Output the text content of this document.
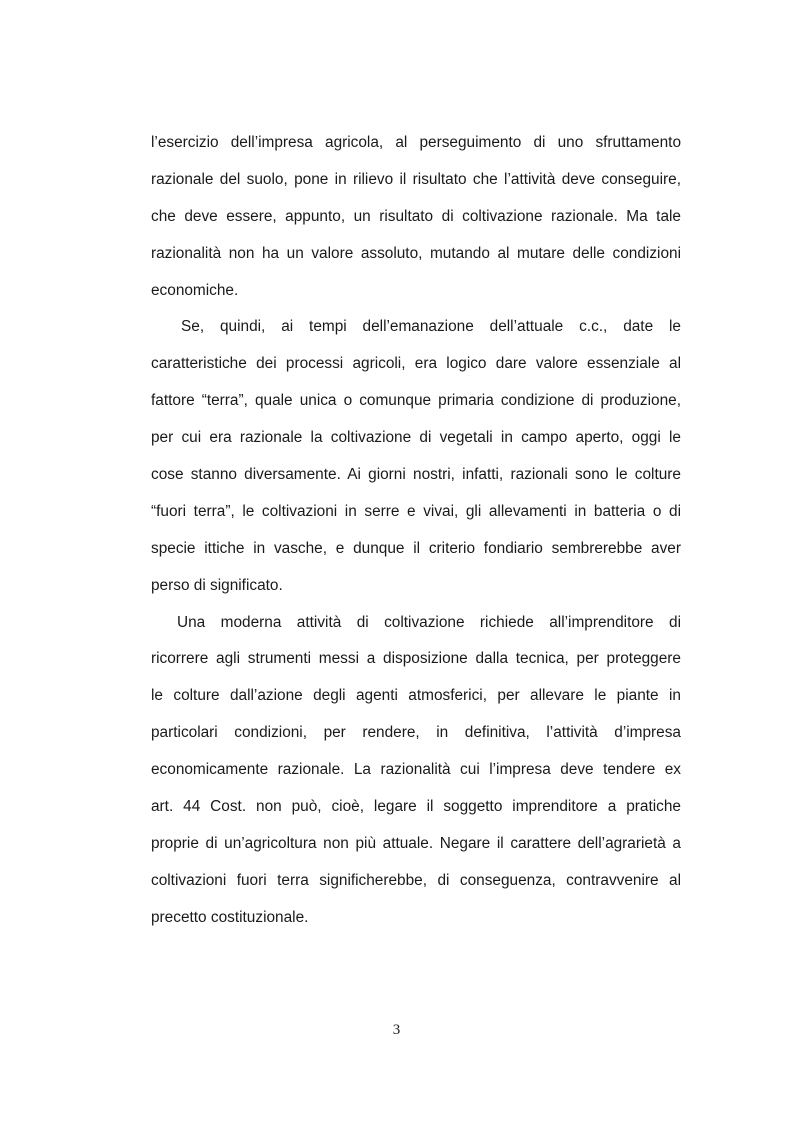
l’esercizio dell’impresa agricola, al perseguimento di uno sfruttamento
razionale del suolo, pone in rilievo il risultato che l’attività deve conseguire,
che deve essere, appunto, un risultato di coltivazione razionale. Ma tale
razionalità non ha un valore assoluto, mutando al mutare delle condizioni
economiche.
Se, quindi, ai tempi dell’emanazione dell’attuale c.c., date le
caratteristiche dei processi agricoli, era logico dare valore essenziale al
fattore “terra”, quale unica o comunque primaria condizione di produzione,
per cui era razionale la coltivazione di vegetali in campo aperto, oggi le
cose stanno diversamente. Ai giorni nostri, infatti, razionali sono le colture
“fuori terra”, le coltivazioni in serre e vivai, gli allevamenti in batteria o di
specie ittiche in vasche, e dunque il criterio fondiario sembrerebbe aver
perso di significato.
Una moderna attività di coltivazione richiede all’imprenditore di
ricorrere agli strumenti messi a disposizione dalla tecnica, per proteggere
le colture dall’azione degli agenti atmosferici, per allevare le piante in
particolari condizioni, per rendere, in definitiva, l’attività d’impresa
economicamente razionale. La razionalità cui l’impresa deve tendere ex
art. 44 Cost. non può, cioè, legare il soggetto imprenditore a pratiche
proprie di un’agricoltura non più attuale. Negare il carattere dell’agrarietà a
coltivazioni fuori terra significherebbe, di conseguenza, contravvenire al
precetto costituzionale.
3
